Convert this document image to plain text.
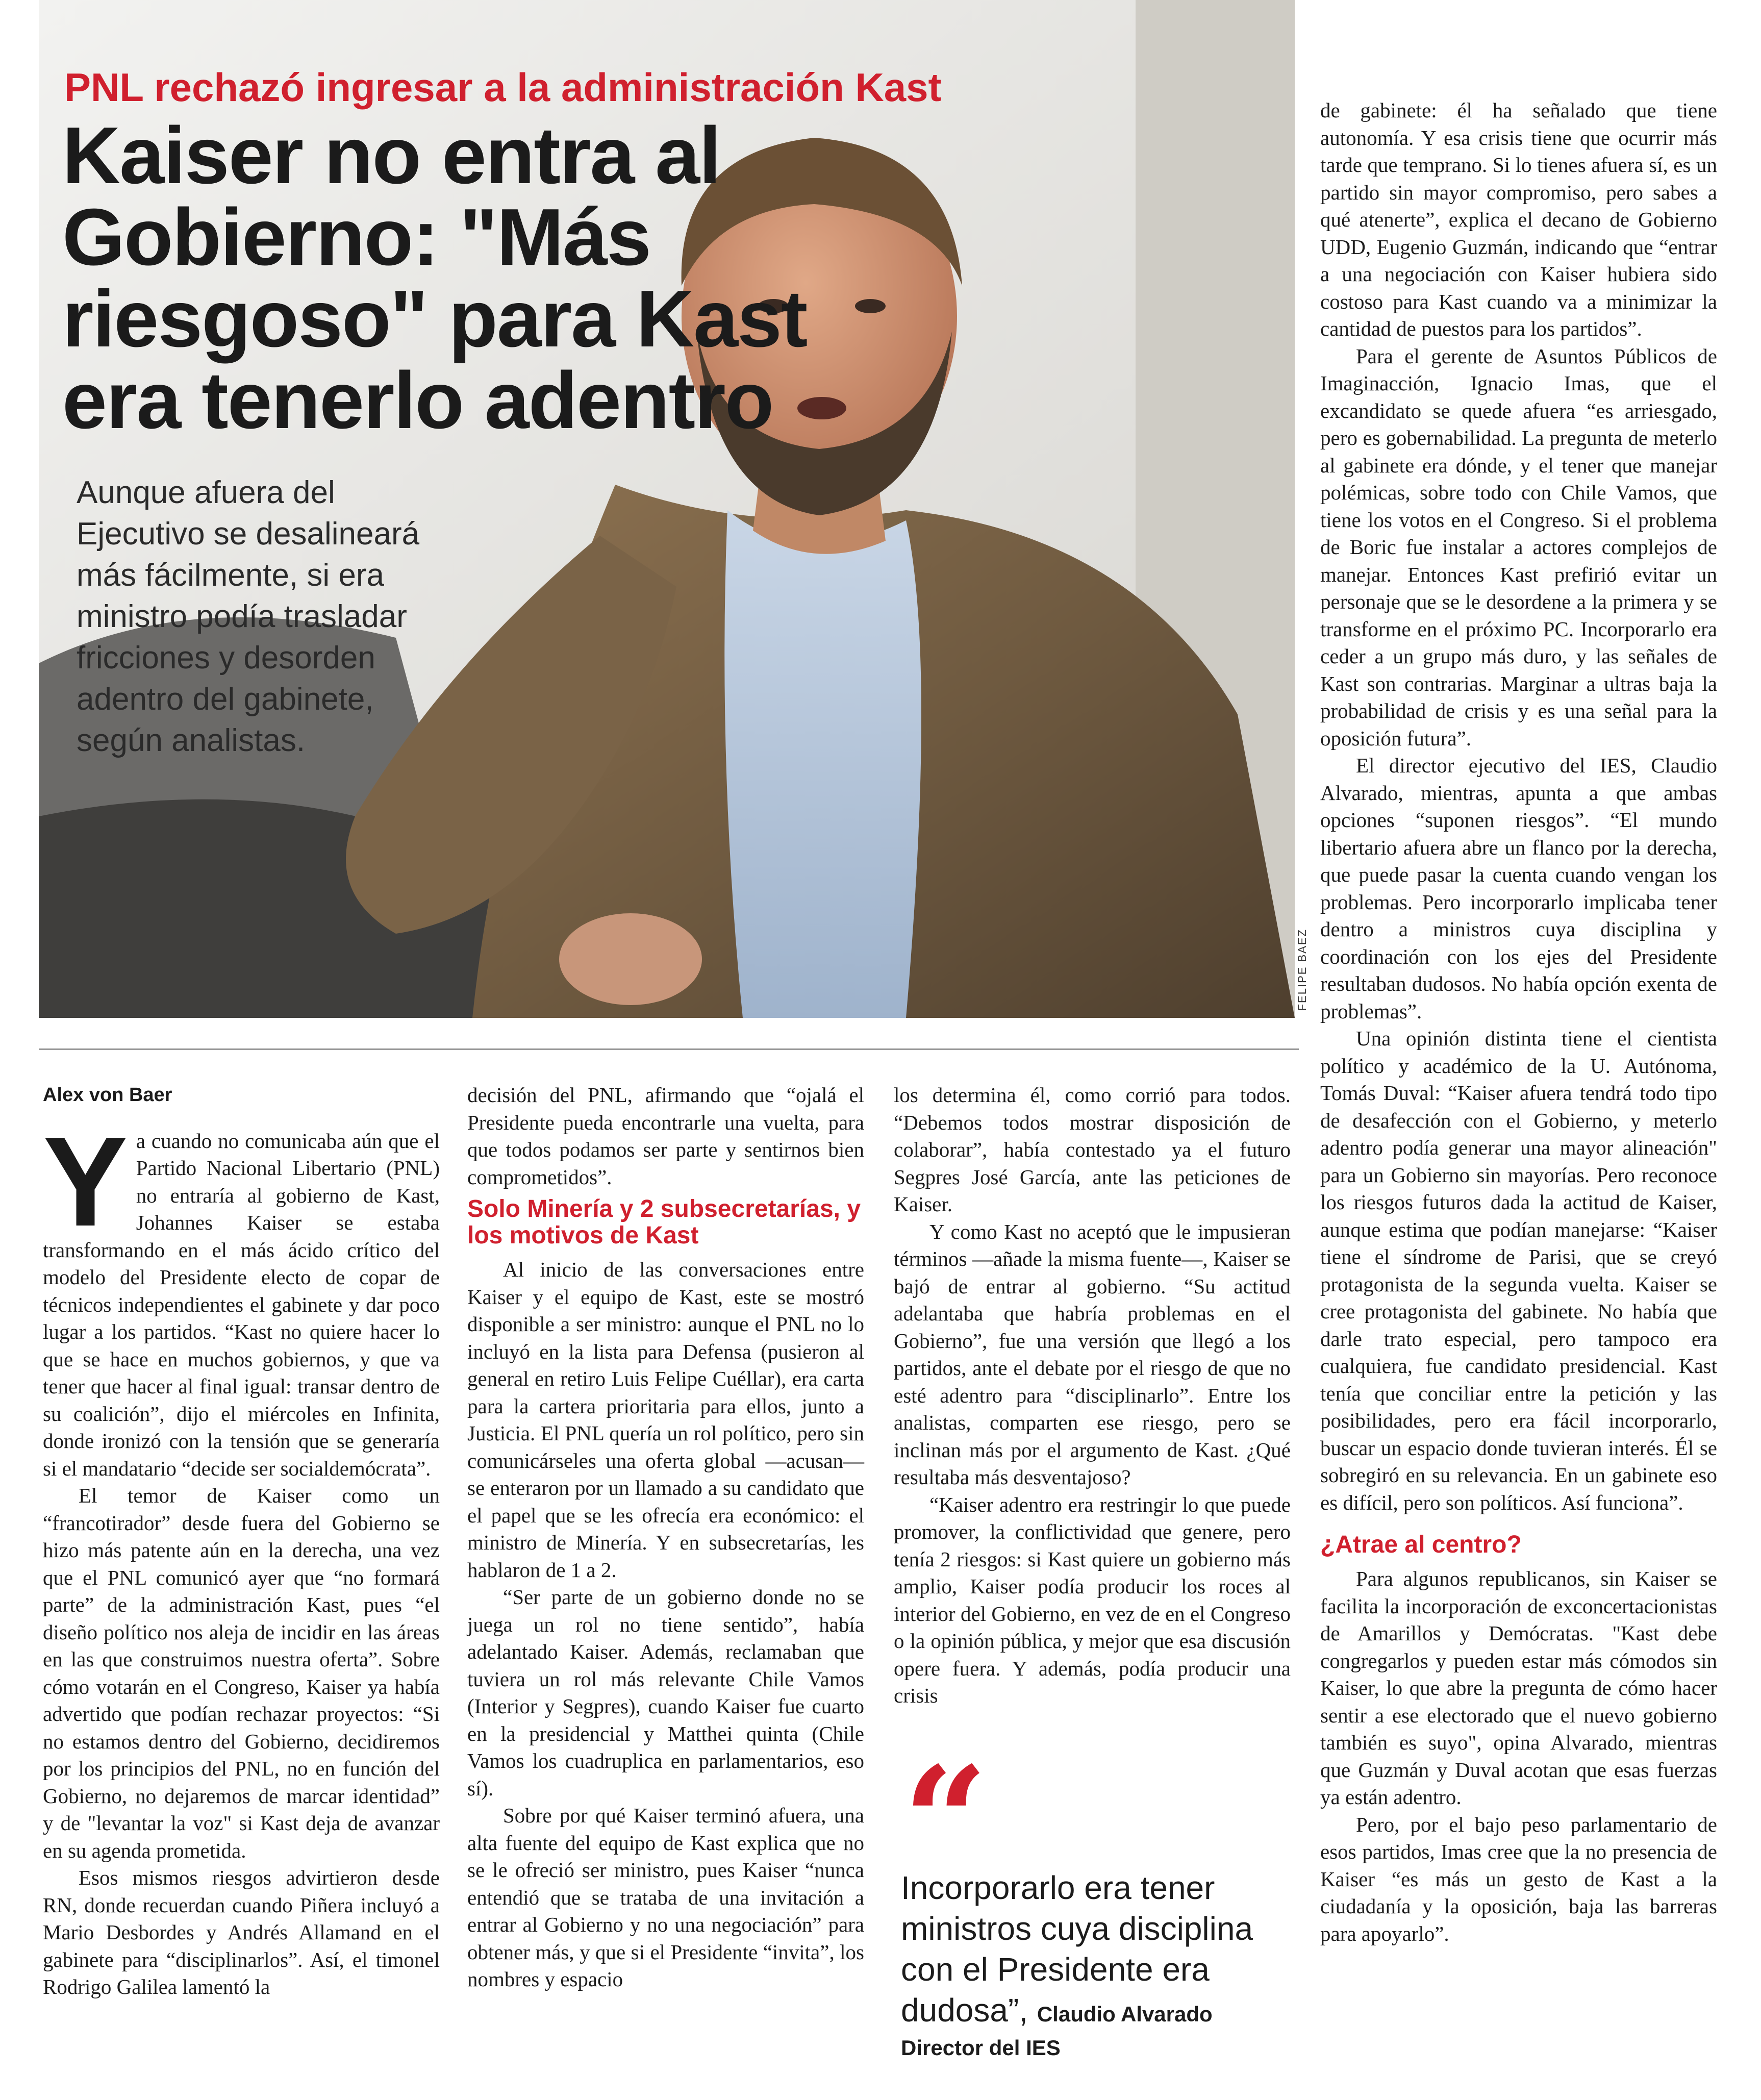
PNL rechazó ingresar a la administración Kast
Kaiser no entra al
Gobierno: "Más
riesgoso" para Kast
era tenerlo adentro
Aunque afuera del
Ejecutivo se desalineará
más fácilmente, si era
ministro podía trasladar
fricciones y desorden
adentro del gabinete,
según analistas.
FELIPE BAEZ
Alex von Baer

Ya cuando no comunicaba aún que el Partido Nacional Libertario (PNL) no entraría al gobierno de Kast, Johannes Kaiser se estaba transformando en el más ácido crítico del modelo del Presidente electo de copar de técnicos independientes el gabinete y dar poco lugar a los partidos. “Kast no quiere hacer lo que se hace en muchos gobiernos, y que va tener que hacer al final igual: transar dentro de su coalición”, dijo el miércoles en Infinita, donde ironizó con la tensión que se generaría si el mandatario “decide ser socialdemócrata”.

El temor de Kaiser como un “francotirador” desde fuera del Gobierno se hizo más patente aún en la derecha, una vez que el PNL comunicó ayer que “no formará parte” de la administración Kast, pues “el diseño político nos aleja de incidir en las áreas en las que construimos nuestra oferta”. Sobre cómo votarán en el Congreso, Kaiser ya había advertido que podían rechazar proyectos: “Si no estamos dentro del Gobierno, decidiremos por los principios del PNL, no en función del Gobierno, no dejaremos de marcar identidad” y de "levantar la voz" si Kast deja de avanzar en su agenda prometida.

Esos mismos riesgos advirtieron desde RN, donde recuerdan cuando Piñera incluyó a Mario Desbordes y Andrés Allamand en el gabinete para “disciplinarlos”. Así, el timonel Rodrigo Galilea lamentó la

decisión del PNL, afirmando que “ojalá el Presidente pueda encontrarle una vuelta, para que todos podamos ser parte y sentirnos bien comprometidos”.

Solo Minería y 2 subsecretarías, y los motivos de Kast

Al inicio de las conversaciones entre Kaiser y el equipo de Kast, este se mostró disponible a ser ministro: aunque el PNL no lo incluyó en la lista para Defensa (pusieron al general en retiro Luis Felipe Cuéllar), era carta para la cartera prioritaria para ellos, junto a Justicia. El PNL quería un rol político, pero sin comunicárseles una oferta global —acusan— se enteraron por un llamado a su candidato que el papel que se les ofrecía era económico: el ministro de Minería. Y en subsecretarías, les hablaron de 1 a 2.

“Ser parte de un gobierno donde no se juega un rol no tiene sentido”, había adelantado Kaiser. Además, reclamaban que tuviera un rol más relevante Chile Vamos (Interior y Segpres), cuando Kaiser fue cuarto en la presidencial y Matthei quinta (Chile Vamos los cuadruplica en parlamentarios, eso sí).

Sobre por qué Kaiser terminó afuera, una alta fuente del equipo de Kast explica que no se le ofreció ser ministro, pues Kaiser “nunca entendió que se trataba de una invitación a entrar al Gobierno y no una negociación” para obtener más, y que si el Presidente “invita”, los nombres y espacio

los determina él, como corrió para todos. “Debemos todos mostrar disposición de colaborar”, había contestado ya el futuro Segpres José García, ante las peticiones de Kaiser.

Y como Kast no aceptó que le impusieran términos —añade la misma fuente—, Kaiser se bajó de entrar al gobierno. “Su actitud adelantaba que habría problemas en el Gobierno”, fue una versión que llegó a los partidos, ante el debate por el riesgo de que no esté adentro para “disciplinarlo”. Entre los analistas, comparten ese riesgo, pero se inclinan más por el argumento de Kast. ¿Qué resultaba más desventajoso?

“Kaiser adentro era restringir lo que puede promover, la conflictividad que genere, pero tenía 2 riesgos: si Kast quiere un gobierno más amplio, Kaiser podía producir los roces al interior del Gobierno, en vez de en el Congreso o la opinión pública, y mejor que esa discusión opere fuera. Y además, podía producir una crisis

“
Incorporarlo era tener ministros cuya disciplina con el Presidente era dudosa”, Claudio Alvarado
Director del IES

de gabinete: él ha señalado que tiene autonomía. Y esa crisis tiene que ocurrir más tarde que temprano. Si lo tienes afuera sí, es un partido sin mayor compromiso, pero sabes a qué atenerte”, explica el decano de Gobierno UDD, Eugenio Guzmán, indicando que “entrar a una negociación con Kaiser hubiera sido costoso para Kast cuando va a minimizar la cantidad de puestos para los partidos”.

Para el gerente de Asuntos Públicos de Imaginacción, Ignacio Imas, que el excandidato se quede afuera “es arriesgado, pero es gobernabilidad. La pregunta de meterlo al gabinete era dónde, y el tener que manejar polémicas, sobre todo con Chile Vamos, que tiene los votos en el Congreso. Si el problema de Boric fue instalar a actores complejos de manejar. Entonces Kast prefirió evitar un personaje que se le desordene a la primera y se transforme en el próximo PC. Incorporarlo era ceder a un grupo más duro, y las señales de Kast son contrarias. Marginar a ultras baja la probabilidad de crisis y es una señal para la oposición futura”.

El director ejecutivo del IES, Claudio Alvarado, mientras, apunta a que ambas opciones “suponen riesgos”. “El mundo libertario afuera abre un flanco por la derecha, que puede pasar la cuenta cuando vengan los problemas. Pero incorporarlo implicaba tener dentro a ministros cuya disciplina y coordinación con los ejes del Presidente resultaban dudosos. No había opción exenta de problemas”.

Una opinión distinta tiene el cientista político y académico de la U. Autónoma, Tomás Duval: “Kaiser afuera tendrá todo tipo de desafección con el Gobierno, y meterlo adentro podía generar una mayor alineación" para un Gobierno sin mayorías. Pero reconoce los riesgos futuros dada la actitud de Kaiser, aunque estima que podían manejarse: “Kaiser tiene el síndrome de Parisi, que se creyó protagonista de la segunda vuelta. Kaiser se cree protagonista del gabinete. No había que darle trato especial, pero tampoco era cualquiera, fue candidato presidencial. Kast tenía que conciliar entre la petición y las posibilidades, pero era fácil incorporarlo, buscar un espacio donde tuvieran interés. Él se sobregiró en su relevancia. En un gabinete eso es difícil, pero son políticos. Así funciona”.

¿Atrae al centro?

Para algunos republicanos, sin Kaiser se facilita la incorporación de exconcertacionistas de Amarillos y Demócratas. "Kast debe congregarlos y pueden estar más cómodos sin Kaiser, lo que abre la pregunta de cómo hacer sentir a ese electorado que el nuevo gobierno también es suyo", opina Alvarado, mientras que Guzmán y Duval acotan que esas fuerzas ya están adentro.

Pero, por el bajo peso parlamentario de esos partidos, Imas cree que la no presencia de Kaiser “es más un gesto de Kast a la ciudadanía y la oposición, baja las barreras para apoyarlo”.
